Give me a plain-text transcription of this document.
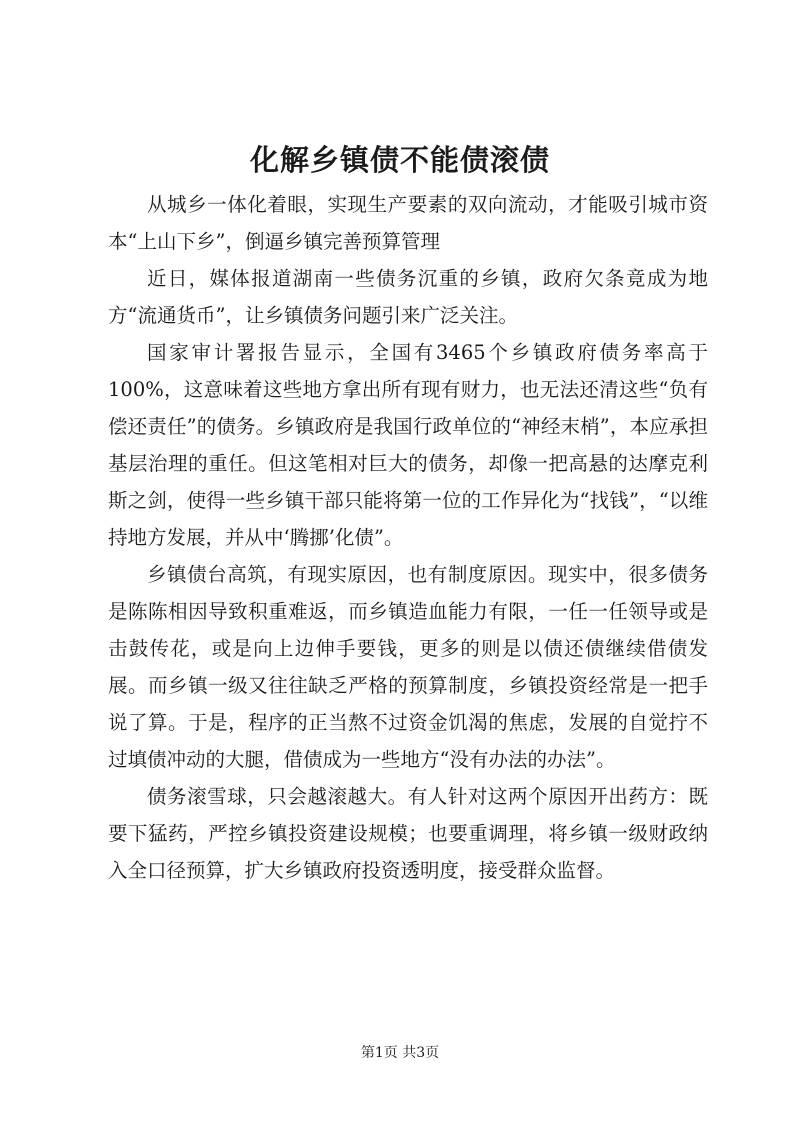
化解乡镇债不能债滚债

从城乡一体化着眼，实现生产要素的双向流动，才能吸引城市资本“上山下乡”，倒逼乡镇完善预算管理

近日，媒体报道湖南一些债务沉重的乡镇，政府欠条竟成为地方“流通货币”，让乡镇债务问题引来广泛关注。

国家审计署报告显示，全国有3465个乡镇政府债务率高于100%，这意味着这些地方拿出所有现有财力，也无法还清这些“负有偿还责任”的债务。乡镇政府是我国行政单位的“神经末梢”，本应承担基层治理的重任。但这笔相对巨大的债务，却像一把高悬的达摩克利斯之剑，使得一些乡镇干部只能将第一位的工作异化为“找钱”，“以维持地方发展，并从中‘腾挪’化债”。

乡镇债台高筑，有现实原因，也有制度原因。现实中，很多债务是陈陈相因导致积重难返，而乡镇造血能力有限，一任一任领导或是击鼓传花，或是向上边伸手要钱，更多的则是以债还债继续借债发展。而乡镇一级又往往缺乏严格的预算制度，乡镇投资经常是一把手说了算。于是，程序的正当熬不过资金饥渴的焦虑，发展的自觉拧不过填债冲动的大腿，借债成为一些地方“没有办法的办法”。

债务滚雪球，只会越滚越大。有人针对这两个原因开出药方：既要下猛药，严控乡镇投资建设规模；也要重调理，将乡镇一级财政纳入全口径预算，扩大乡镇政府投资透明度，接受群众监督。

第1页 共3页
